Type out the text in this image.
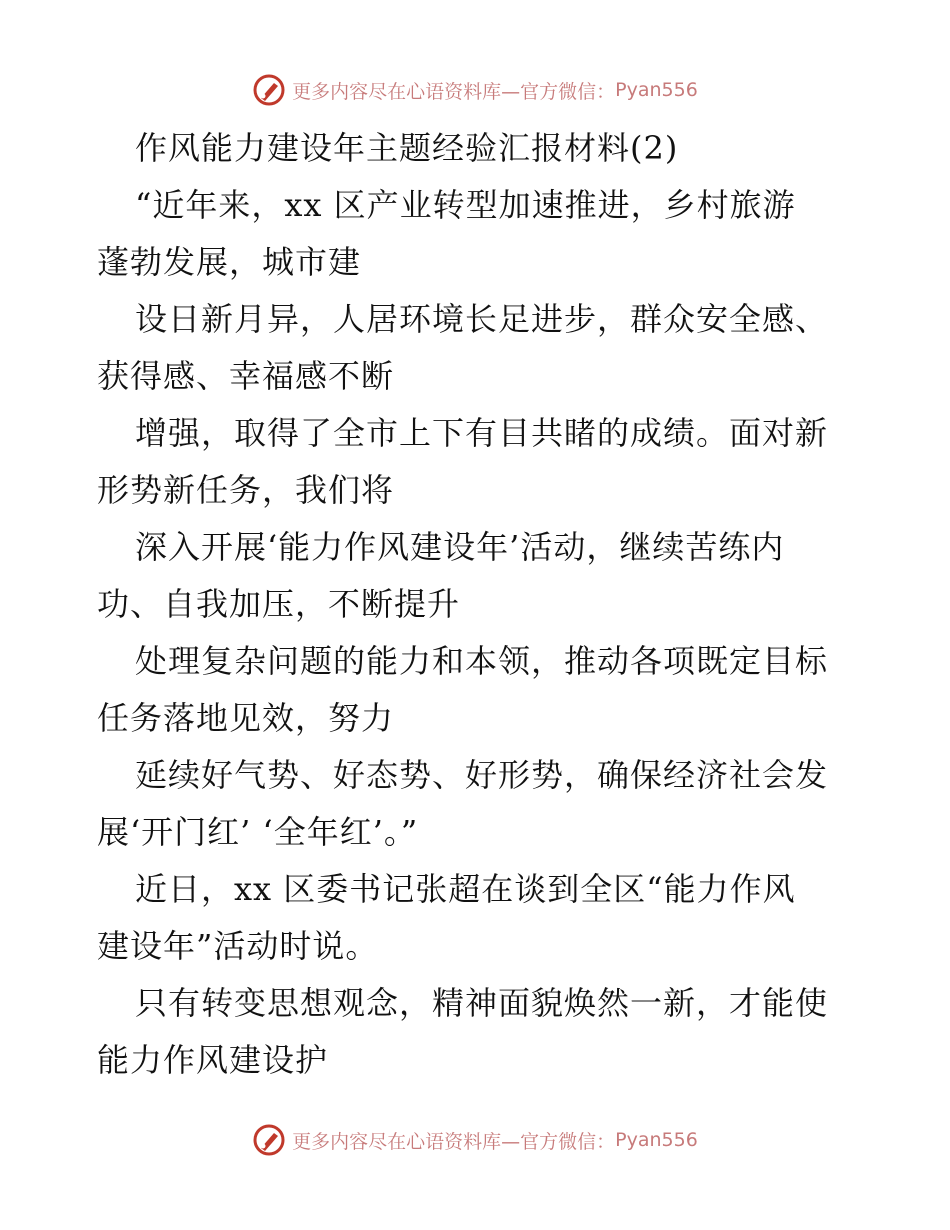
更多内容尽在心语资料库—官方微信： Pyan556
作风能力建设年主题经验汇报材料(2)
“近年来，xx 区产业转型加速推进，乡村旅游
蓬勃发展，城市建
设日新月异，人居环境长足进步，群众安全感、
获得感、幸福感不断
增强，取得了全市上下有目共睹的成绩。面对新
形势新任务，我们将
深入开展‘能力作风建设年’活动，继续苦练内
功、自我加压，不断提升
处理复杂问题的能力和本领，推动各项既定目标
任务落地见效，努力
延续好气势、好态势、好形势，确保经济社会发
展‘开门红’ ‘全年红’。”
近日，xx 区委书记张超在谈到全区“能力作风
建设年”活动时说。
只有转变思想观念，精神面貌焕然一新，才能使
能力作风建设护
更多内容尽在心语资料库—官方微信： Pyan556
